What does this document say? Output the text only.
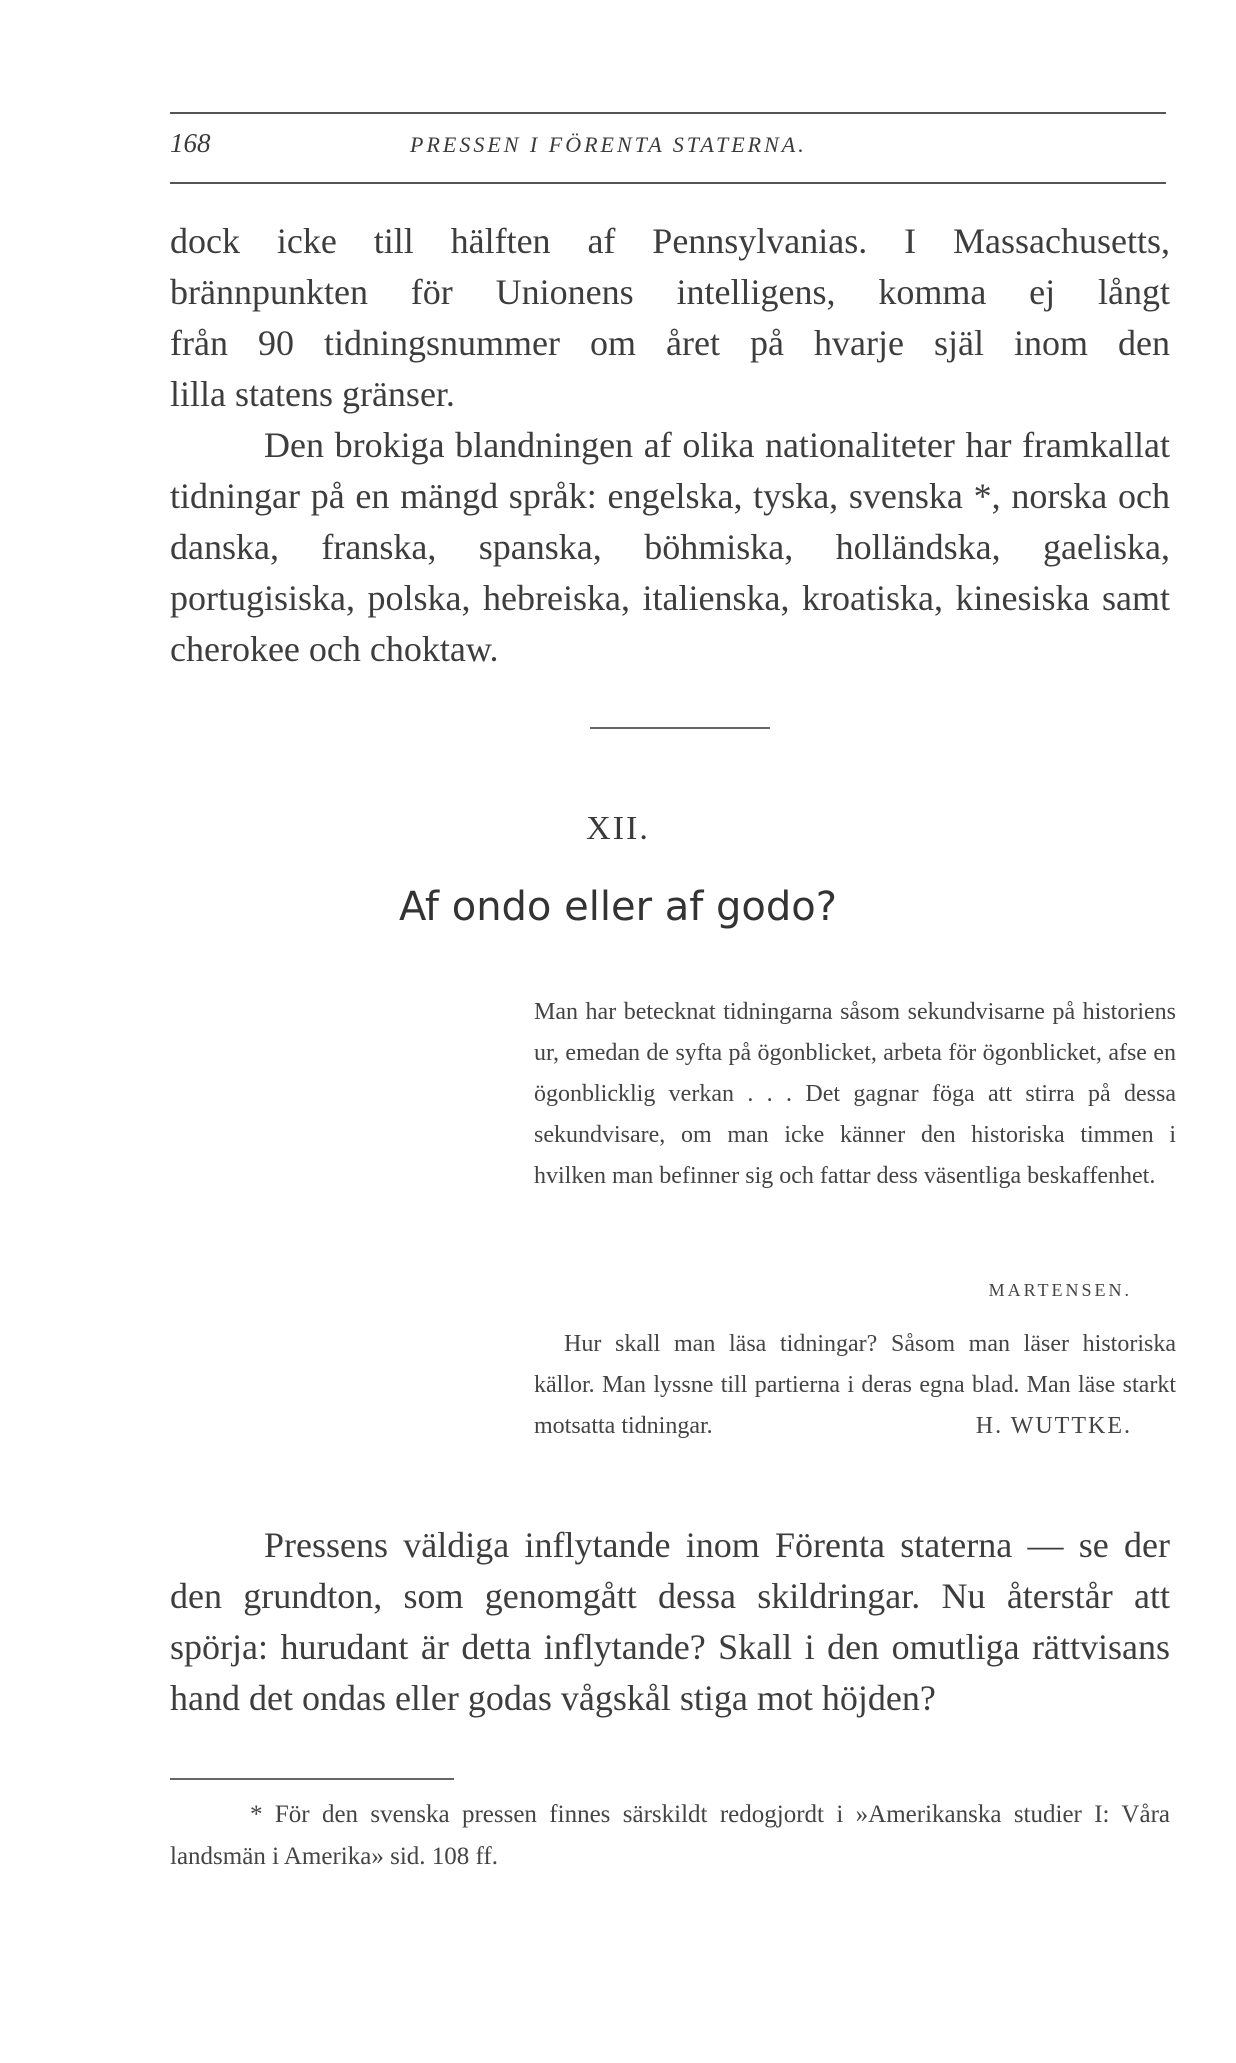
168	PRESSEN I FÖRENTA STATERNA.

dock icke till hälften af Pennsylvanias. I Massachusetts,

brännpunkten för Unionens intelligens, komma ej långt

från 90 tidningsnummer om året på hvarje själ inom den

lilla statens gränser.

Den brokiga blandningen af olika nationaliteter har framkallat tidningar på en mängd språk: engelska, tyska, svenska *, norska och danska, franska, spanska, böhmiska, holländska, gaeliska, portugisiska, polska, hebreiska, italienska, kroatiska, kinesiska samt cherokee och choktaw.

XII.
Af ondo eller af godo?

Man har betecknat tidningarna såsom sekundvisarne på historiens ur, emedan de syfta på ögonblicket, arbeta för ögonblicket, afse en ögonblicklig verkan . . . Det gagnar föga att stirra på dessa sekundvisare, om man icke känner den historiska timmen i hvilken man befinner sig och fattar dess väsentliga beskaffenhet.

MARTENSEN.

Hur skall man läsa tidningar? Såsom man läser historiska källor. Man lyssne till partierna i deras egna blad. Man läse starkt

motsatta tidningar.	H. WUTTKE.

Pressens väldiga inflytande inom Förenta staterna — se der den grundton, som genomgått dessa skildringar. Nu återstår att spörja: hurudant är detta inflytande? Skall i den omutliga rättvisans hand det ondas eller godas vågskål stiga mot höjden?

* För den svenska pressen finnes särskildt redogjordt i »Amerikanska studier I: Våra landsmän i Amerika» sid. 108 ff.
